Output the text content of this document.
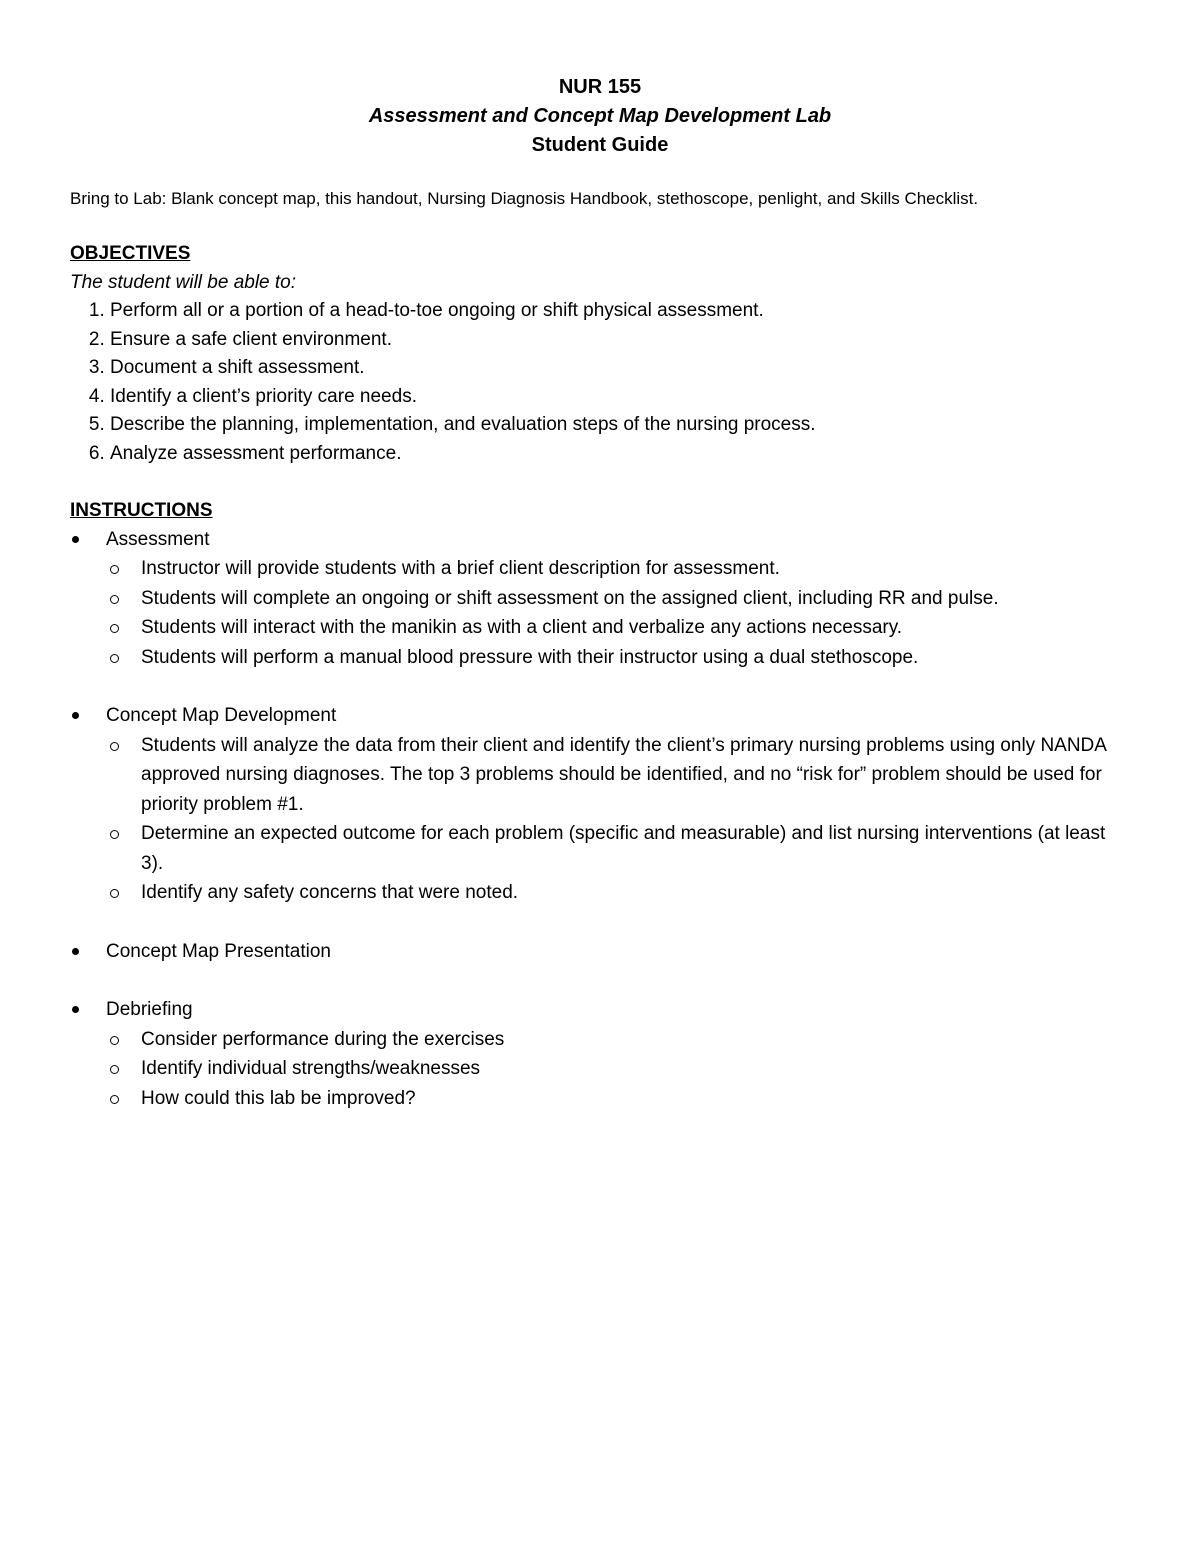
NUR 155
Assessment and Concept Map Development Lab
Student Guide
Bring to Lab: Blank concept map, this handout, Nursing Diagnosis Handbook, stethoscope, penlight, and Skills Checklist.
OBJECTIVES
The student will be able to:
1. Perform all or a portion of a head-to-toe ongoing or shift physical assessment.
2. Ensure a safe client environment.
3. Document a shift assessment.
4. Identify a client’s priority care needs.
5. Describe the planning, implementation, and evaluation steps of the nursing process.
6. Analyze assessment performance.
INSTRUCTIONS
Assessment
Instructor will provide students with a brief client description for assessment.
Students will complete an ongoing or shift assessment on the assigned client, including RR and pulse.
Students will interact with the manikin as with a client and verbalize any actions necessary.
Students will perform a manual blood pressure with their instructor using a dual stethoscope.
Concept Map Development
Students will analyze the data from their client and identify the client’s primary nursing problems using only NANDA approved nursing diagnoses. The top 3 problems should be identified, and no “risk for” problem should be used for priority problem #1.
Determine an expected outcome for each problem (specific and measurable) and list nursing interventions (at least 3).
Identify any safety concerns that were noted.
Concept Map Presentation
Debriefing
Consider performance during the exercises
Identify individual strengths/weaknesses
How could this lab be improved?
